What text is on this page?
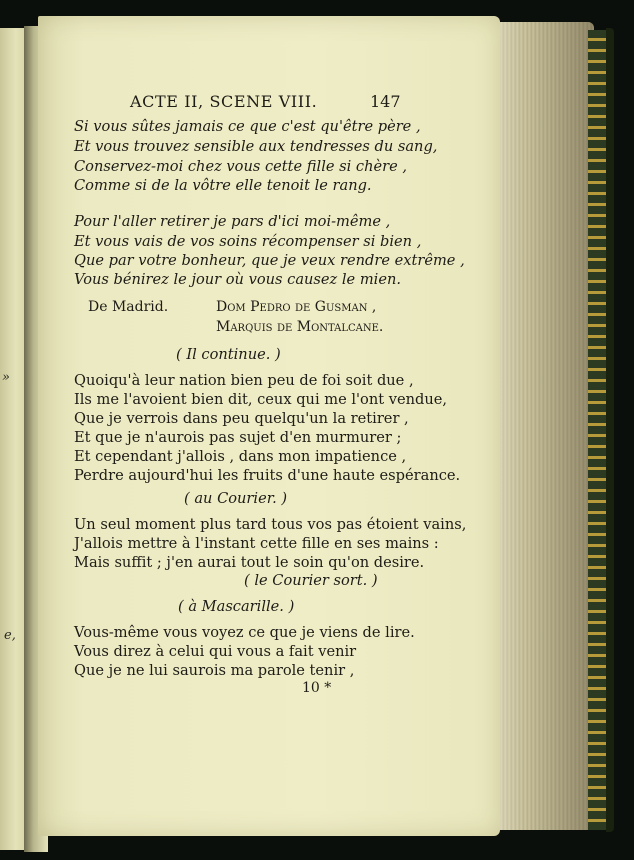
»
e,
ACTE II, SCENE VIII.	147
Si vous sûtes jamais ce que c'est qu'être père ,
Et vous trouvez sensible aux tendresses du sang,
Conservez-moi chez vous cette fille si chère ,
Comme si de la vôtre elle tenoit le rang.
Pour l'aller retirer je pars d'ici moi-même ,
Et vous vais de vos soins récompenser si bien ,
Que par votre bonheur, que je veux rendre extrême ,
Vous bénirez le jour où vous causez le mien.
De Madrid.	Dom Pedro de Gusman ,
Marquis de Montalcane.
( Il continue. )
Quoiqu'à leur nation bien peu de foi soit due ,
Ils me l'avoient bien dit, ceux qui me l'ont vendue,
Que je verrois dans peu quelqu'un la retirer ,
Et que je n'aurois pas sujet d'en murmurer ;
Et cependant j'allois , dans mon impatience ,
Perdre aujourd'hui les fruits d'une haute espérance.
( au Courier. )
Un seul moment plus tard tous vos pas étoient vains,
J'allois mettre à l'instant cette fille en ses mains :
Mais suffit ; j'en aurai tout le soin qu'on desire.
( le Courier sort. )
( à Mascarille. )
Vous-même vous voyez ce que je viens de lire.
Vous direz à celui qui vous a fait venir
Que je ne lui saurois ma parole tenir ,
10 *
